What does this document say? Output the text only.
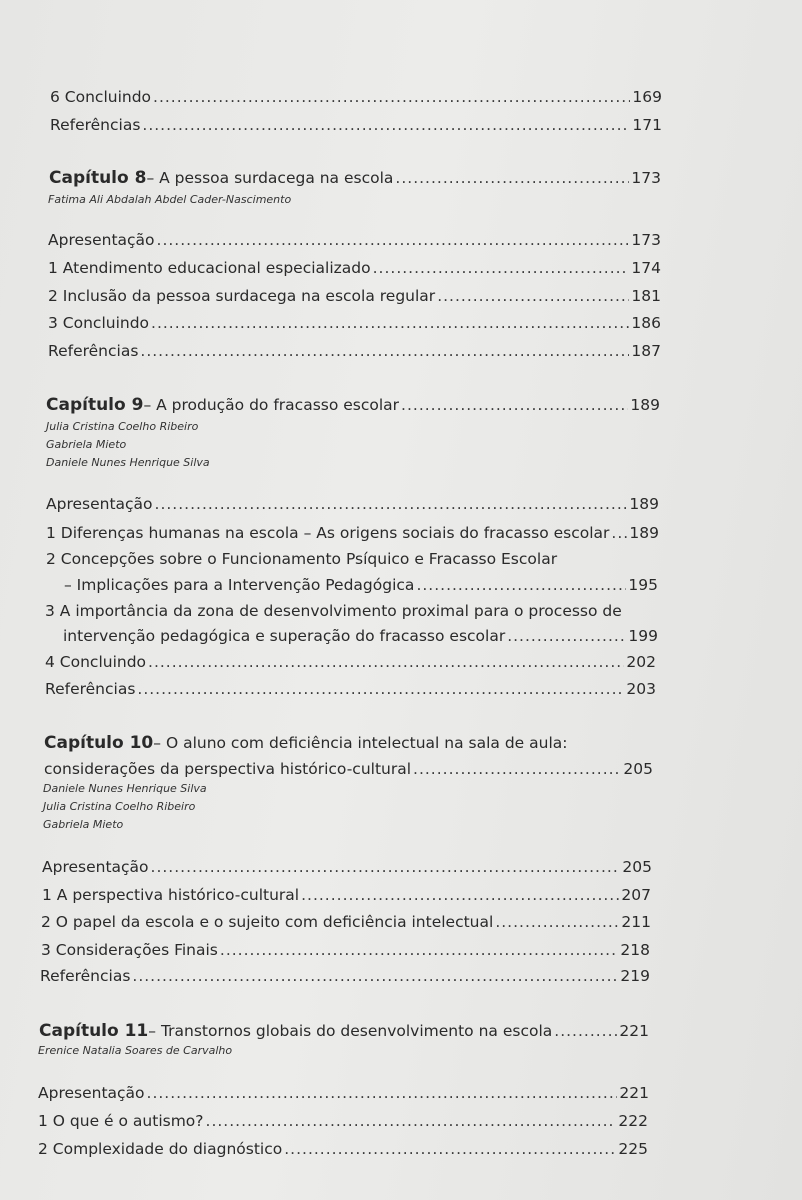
6 Concluindo .....	169
Referências .....	171
Capítulo 8 – A pessoa surdacega na escola .....	173
Fatima Ali Abdalah Abdel Cader-Nascimento
Apresentação .....	173
1 Atendimento educacional especializado .....	174
2 Inclusão da pessoa surdacega na escola regular .....	181
3 Concluindo .....	186
Referências .....	187
Capítulo 9 – A produção do fracasso escolar .....	189
Julia Cristina Coelho Ribeiro
Gabriela Mieto
Daniele Nunes Henrique Silva
Apresentação .....	189
1 Diferenças humanas na escola – As origens sociais do fracasso escolar ..... 189
2 Concepções sobre o Funcionamento Psíquico e Fracasso Escolar
– Implicações para a Intervenção Pedagógica .....	195
3 A importância da zona de desenvolvimento proximal para o processo de
intervenção pedagógica e superação do fracasso escolar .....	199
4 Concluindo .....	202
Referências .....	203
Capítulo 10 – O aluno com deficiência intelectual na sala de aula:
considerações da perspectiva histórico-cultural .....	205
Daniele Nunes Henrique Silva
Julia Cristina Coelho Ribeiro
Gabriela Mieto
Apresentação .....	205
1 A perspectiva histórico-cultural .....	207
2 O papel da escola e o sujeito com deficiência intelectual .....	211
3 Considerações Finais .....	218
Referências .....	219
Capítulo 11 – Transtornos globais do desenvolvimento na escola .....	221
Erenice Natalia Soares de Carvalho
Apresentação .....	221
1 O que é o autismo? .....	222
2 Complexidade do diagnóstico .....	225
